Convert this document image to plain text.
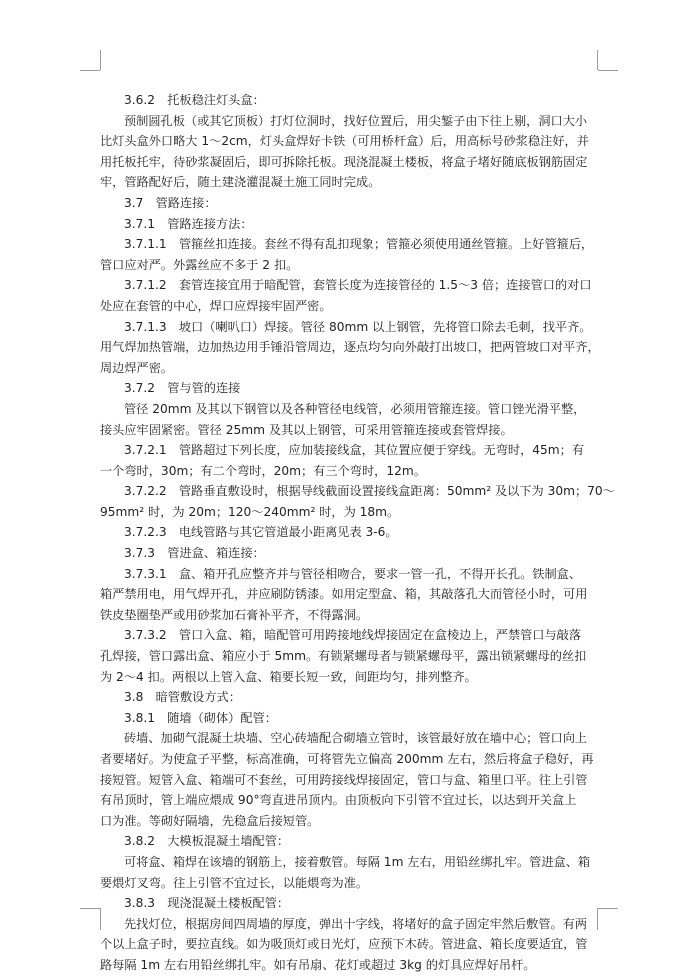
3.6.2　托板稳注灯头盒：

预制圆孔板（或其它顶板）打灯位洞时，找好位置后，用尖錾子由下往上剔，洞口大小

比灯头盒外口略大 1～2cm，灯头盒焊好卡铁（可用桥杆盒）后，用高标号砂浆稳注好，并

用托板托牢，待砂浆凝固后，即可拆除托板。现浇混凝土楼板，将盒子堵好随底板钢筋固定

牢，管路配好后，随土建浇灌混凝土施工同时完成。

3.7　管路连接：

3.7.1　管路连接方法：

3.7.1.1　管箍丝扣连接。套丝不得有乱扣现象；管箍必须使用通丝管箍。上好管箍后，

管口应对严。外露丝应不多于 2 扣。

3.7.1.2　套管连接宜用于暗配管，套管长度为连接管径的 1.5～3 倍；连接管口的对口

处应在套管的中心，焊口应焊接牢固严密。

3.7.1.3　坡口（喇叭口）焊接。管径 80mm 以上钢管，先将管口除去毛刺，找平齐。

用气焊加热管端，边加热边用手锤沿管周边，逐点均匀向外敲打出坡口，把两管坡口对平齐，

周边焊严密。

3.7.2　管与管的连接

管径 20mm 及其以下钢管以及各种管径电线管，必须用管箍连接。管口锉光滑平整，

接头应牢固紧密。管径 25mm 及其以上钢管，可采用管箍连接或套管焊接。

3.7.2.1　管路超过下列长度，应加装接线盒，其位置应便于穿线。无弯时，45m；有

一个弯时，30m；有二个弯时，20m；有三个弯时，12m。

3.7.2.2　管路垂直敷设时，根据导线截面设置接线盒距离：50mm² 及以下为 30m；70～

95mm² 时，为 20m；120～240mm² 时，为 18m。

3.7.2.3　电线管路与其它管道最小距离见表 3-6。

3.7.3　管进盒、箱连接：

3.7.3.1　盒、箱开孔应整齐并与管径相吻合，要求一管一孔，不得开长孔。铁制盒、

箱严禁用电，用气焊开孔，并应刷防锈漆。如用定型盒、箱，其敲落孔大而管径小时，可用

铁皮垫圈垫严或用砂浆加石膏补平齐，不得露洞。

3.7.3.2　管口入盒、箱，暗配管可用跨接地线焊接固定在盒棱边上，严禁管口与敲落

孔焊接，管口露出盒、箱应小于 5mm。有锁紧螺母者与锁紧螺母平，露出锁紧螺母的丝扣

为 2～4 扣。两根以上管入盒、箱要长短一致，间距均匀，排列整齐。

3.8　暗管敷设方式：

3.8.1　随墙（砌体）配管：

砖墙、加砌气混凝土块墙、空心砖墙配合砌墙立管时，该管最好放在墙中心；管口向上

者要堵好。为使盒子平整，标高准确，可将管先立偏高 200mm 左右，然后将盒子稳好，再

接短管。短管入盒、箱端可不套丝，可用跨接线焊接固定，管口与盒、箱里口平。往上引管

有吊顶时，管上端应煨成 90°弯直进吊顶内。由顶板向下引管不宜过长，以达到开关盒上

口为准。等砌好隔墙，先稳盒后接短管。

3.8.2　大模板混凝土墙配管：

可将盒、箱焊在该墙的钢筋上，接着敷管。每隔 1m 左右，用铅丝绑扎牢。管进盒、箱

要煨灯叉弯。往上引管不宜过长，以能煨弯为准。

3.8.3　现浇混凝土楼板配管：

先找灯位，根据房间四周墙的厚度，弹出十字线，将堵好的盒子固定牢然后敷管。有两

个以上盒子时，要拉直线。如为吸顶灯或日光灯，应预下木砖。管进盒、箱长度要适宜，管

路每隔 1m 左右用铅丝绑扎牢。如有吊扇、花灯或超过 3kg 的灯具应焊好吊杆。
